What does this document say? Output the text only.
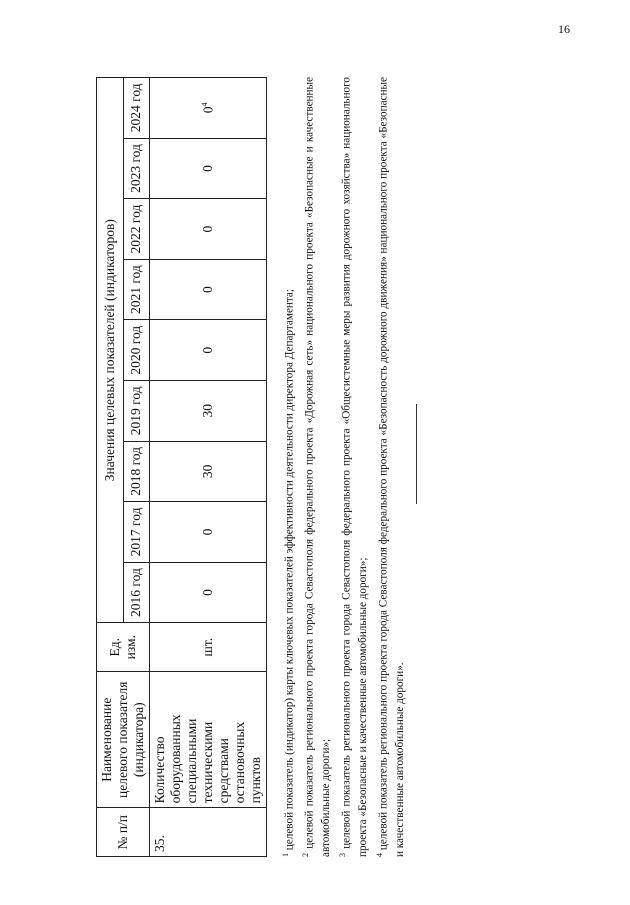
16
№ п/п	Наименование целевого показателя (индикатора)	Ед. изм.	Значения целевых показателей (индикаторов)								
			2016 год	2017 год	2018 год	2019 год	2020 год	2021 год	2022 год	2023 год	2024 год
35.	Количество оборудованных специальными техническими средствами остановочных пунктов	шт.	0	0	30	30	0	0	0	0	$0^4$

$^1$ целевой показатель (индикатор) карты ключевых показателей эффективности деятельности директора Департамента;

$^2$ целевой показатель регионального проекта города Севастополя федерального проекта «Дорожная сеть» национального проекта «Безопасные и качественные автомобильные дороги»; $^3$ целевой показатель регионального проекта города Севастополя федерального проекта «Общесистемные меры развития дорожного хозяйства» национального проекта «Безопасные и качественные автомобильные дороги»; $^4$ целевой показатель регионального проекта города Севастополя федерального проекта «Безопасность дорожного движения» национального проекта «Безопасные и качественные автомобильные дороги».
